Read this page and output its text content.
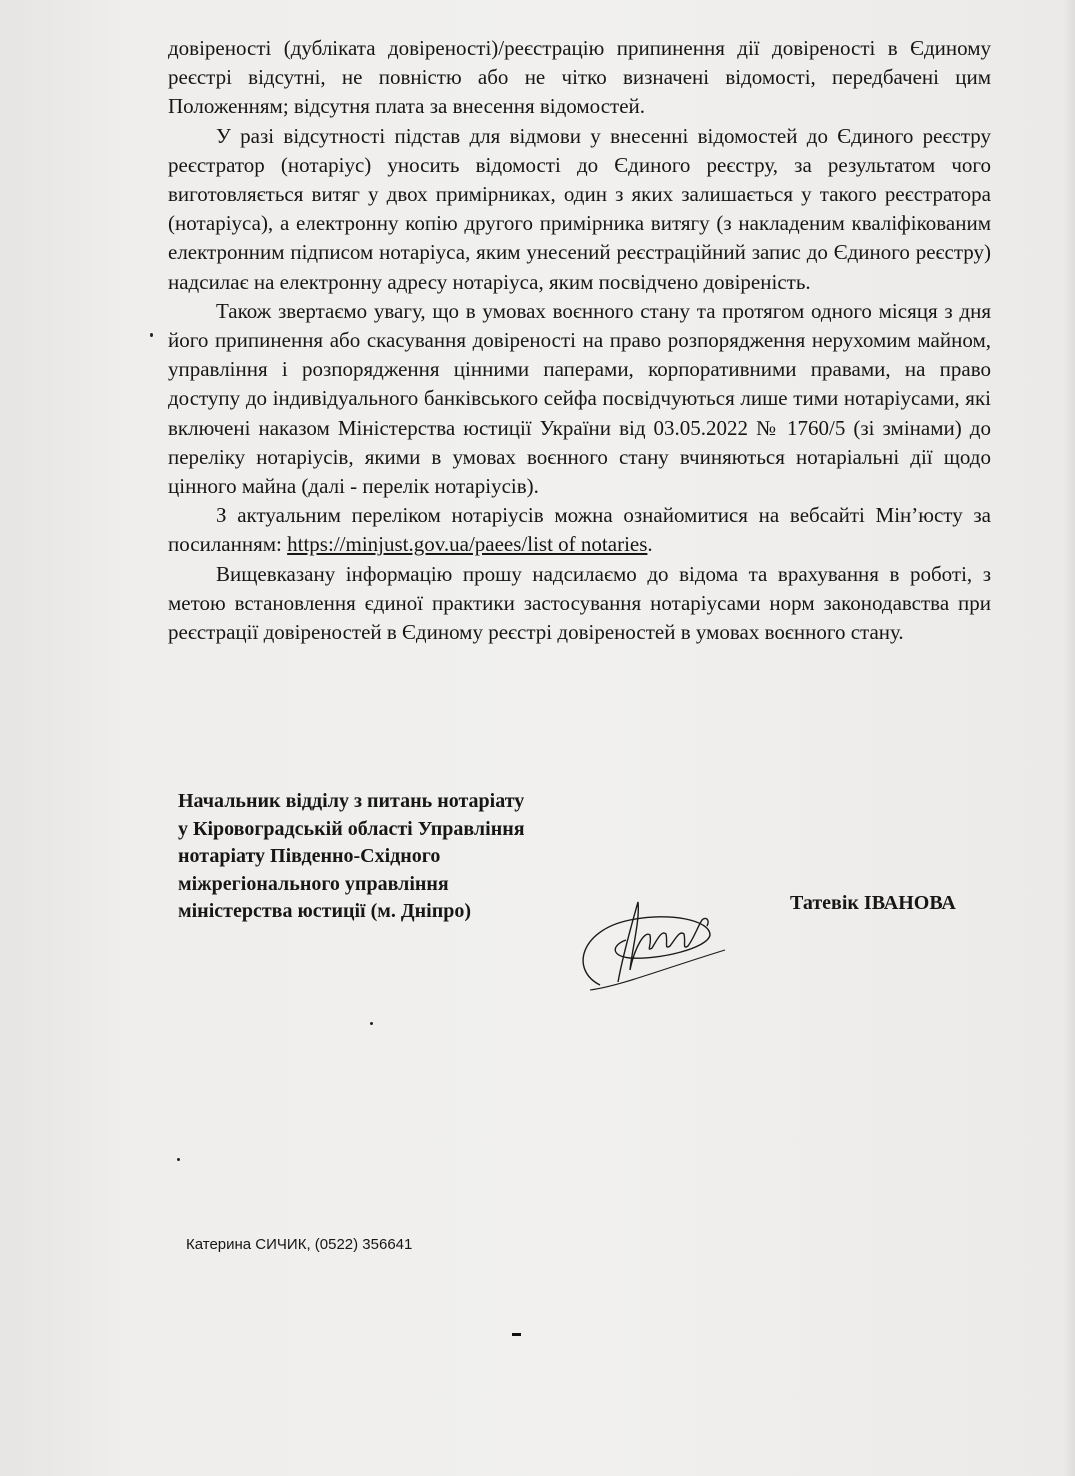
довіреності (дубліката довіреності)/реєстрацію припинення дії довіреності в Єдиному реєстрі відсутні, не повністю або не чітко визначені відомості, передбачені цим Положенням; відсутня плата за внесення відомостей.

У разі відсутності підстав для відмови у внесенні відомостей до Єдиного реєстру реєстратор (нотаріус) уносить відомості до Єдиного реєстру, за результатом чого виготовляється витяг у двох примірниках, один з яких залишається у такого реєстратора (нотаріуса), а електронну копію другого примірника витягу (з накладеним кваліфікованим електронним підписом нотаріуса, яким унесений реєстраційний запис до Єдиного реєстру) надсилає на електронну адресу нотаріуса, яким посвідчено довіреність.

Також звертаємо увагу, що в умовах воєнного стану та протягом одного місяця з дня його припинення або скасування довіреності на право розпорядження нерухомим майном, управління і розпорядження цінними паперами, корпоративними правами, на право доступу до індивідуального банківського сейфа посвідчуються лише тими нотаріусами, які включені наказом Міністерства юстиції України від 03.05.2022 № 1760/5 (зі змінами) до переліку нотаріусів, якими в умовах воєнного стану вчиняються нотаріальні дії щодо цінного майна (далі - перелік нотаріусів).

З актуальним переліком нотаріусів можна ознайомитися на вебсайті Мін’юсту за посиланням: https://minjust.gov.ua/paees/list of notaries.

Вищевказану інформацію прошу надсилаємо до відома та врахування в роботі, з метою встановлення єдиної практики застосування нотаріусами норм законодавства при реєстрації довіреностей в Єдиному реєстрі довіреностей в умовах воєнного стану.

Начальник відділу з питань нотаріату
у Кіровоградській області Управління
нотаріату Південно-Східного
міжрегіонального управління
міністерства юстиції (м. Дніпро)	Татевік ІВАНОВА
Катерина СИЧИК, (0522) 356641
